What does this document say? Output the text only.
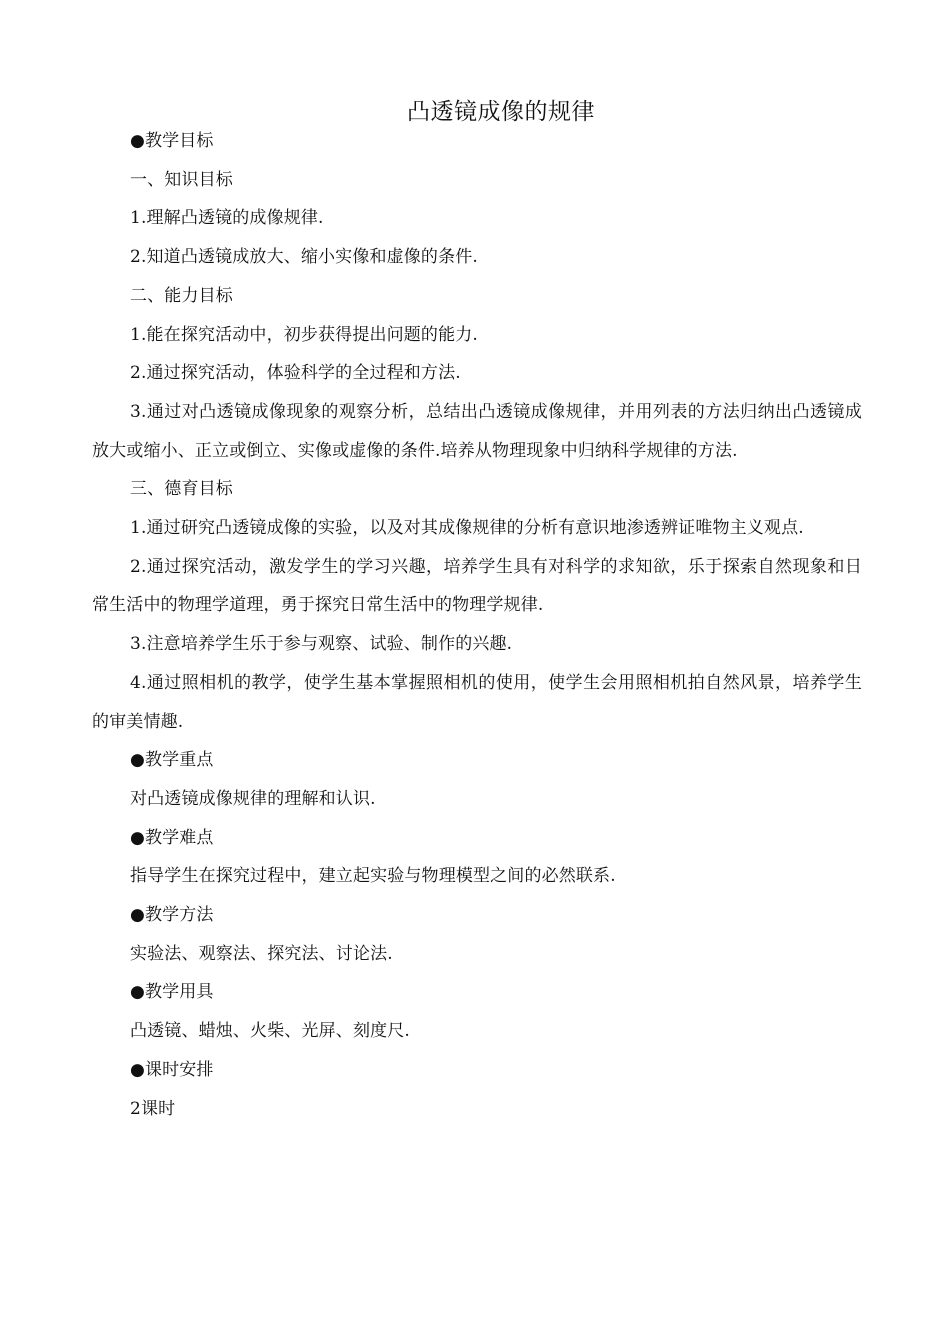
凸透镜成像的规律

●教学目标

一、知识目标

1.理解凸透镜的成像规律.

2.知道凸透镜成放大、缩小实像和虚像的条件.

二、能力目标

1.能在探究活动中，初步获得提出问题的能力.

2.通过探究活动，体验科学的全过程和方法.

3.通过对凸透镜成像现象的观察分析，总结出凸透镜成像规律，并用列表的方法归纳出凸透镜成放大或缩小、正立或倒立、实像或虚像的条件.培养从物理现象中归纳科学规律的方法.

三、德育目标

1.通过研究凸透镜成像的实验，以及对其成像规律的分析有意识地渗透辨证唯物主义观点.

2.通过探究活动，激发学生的学习兴趣，培养学生具有对科学的求知欲，乐于探索自然现象和日常生活中的物理学道理，勇于探究日常生活中的物理学规律.

3.注意培养学生乐于参与观察、试验、制作的兴趣.

4.通过照相机的教学，使学生基本掌握照相机的使用，使学生会用照相机拍自然风景，培养学生的审美情趣.

●教学重点

对凸透镜成像规律的理解和认识.

●教学难点

指导学生在探究过程中，建立起实验与物理模型之间的必然联系.

●教学方法

实验法、观察法、探究法、讨论法.

●教学用具

凸透镜、蜡烛、火柴、光屏、刻度尺.

●课时安排

2课时
